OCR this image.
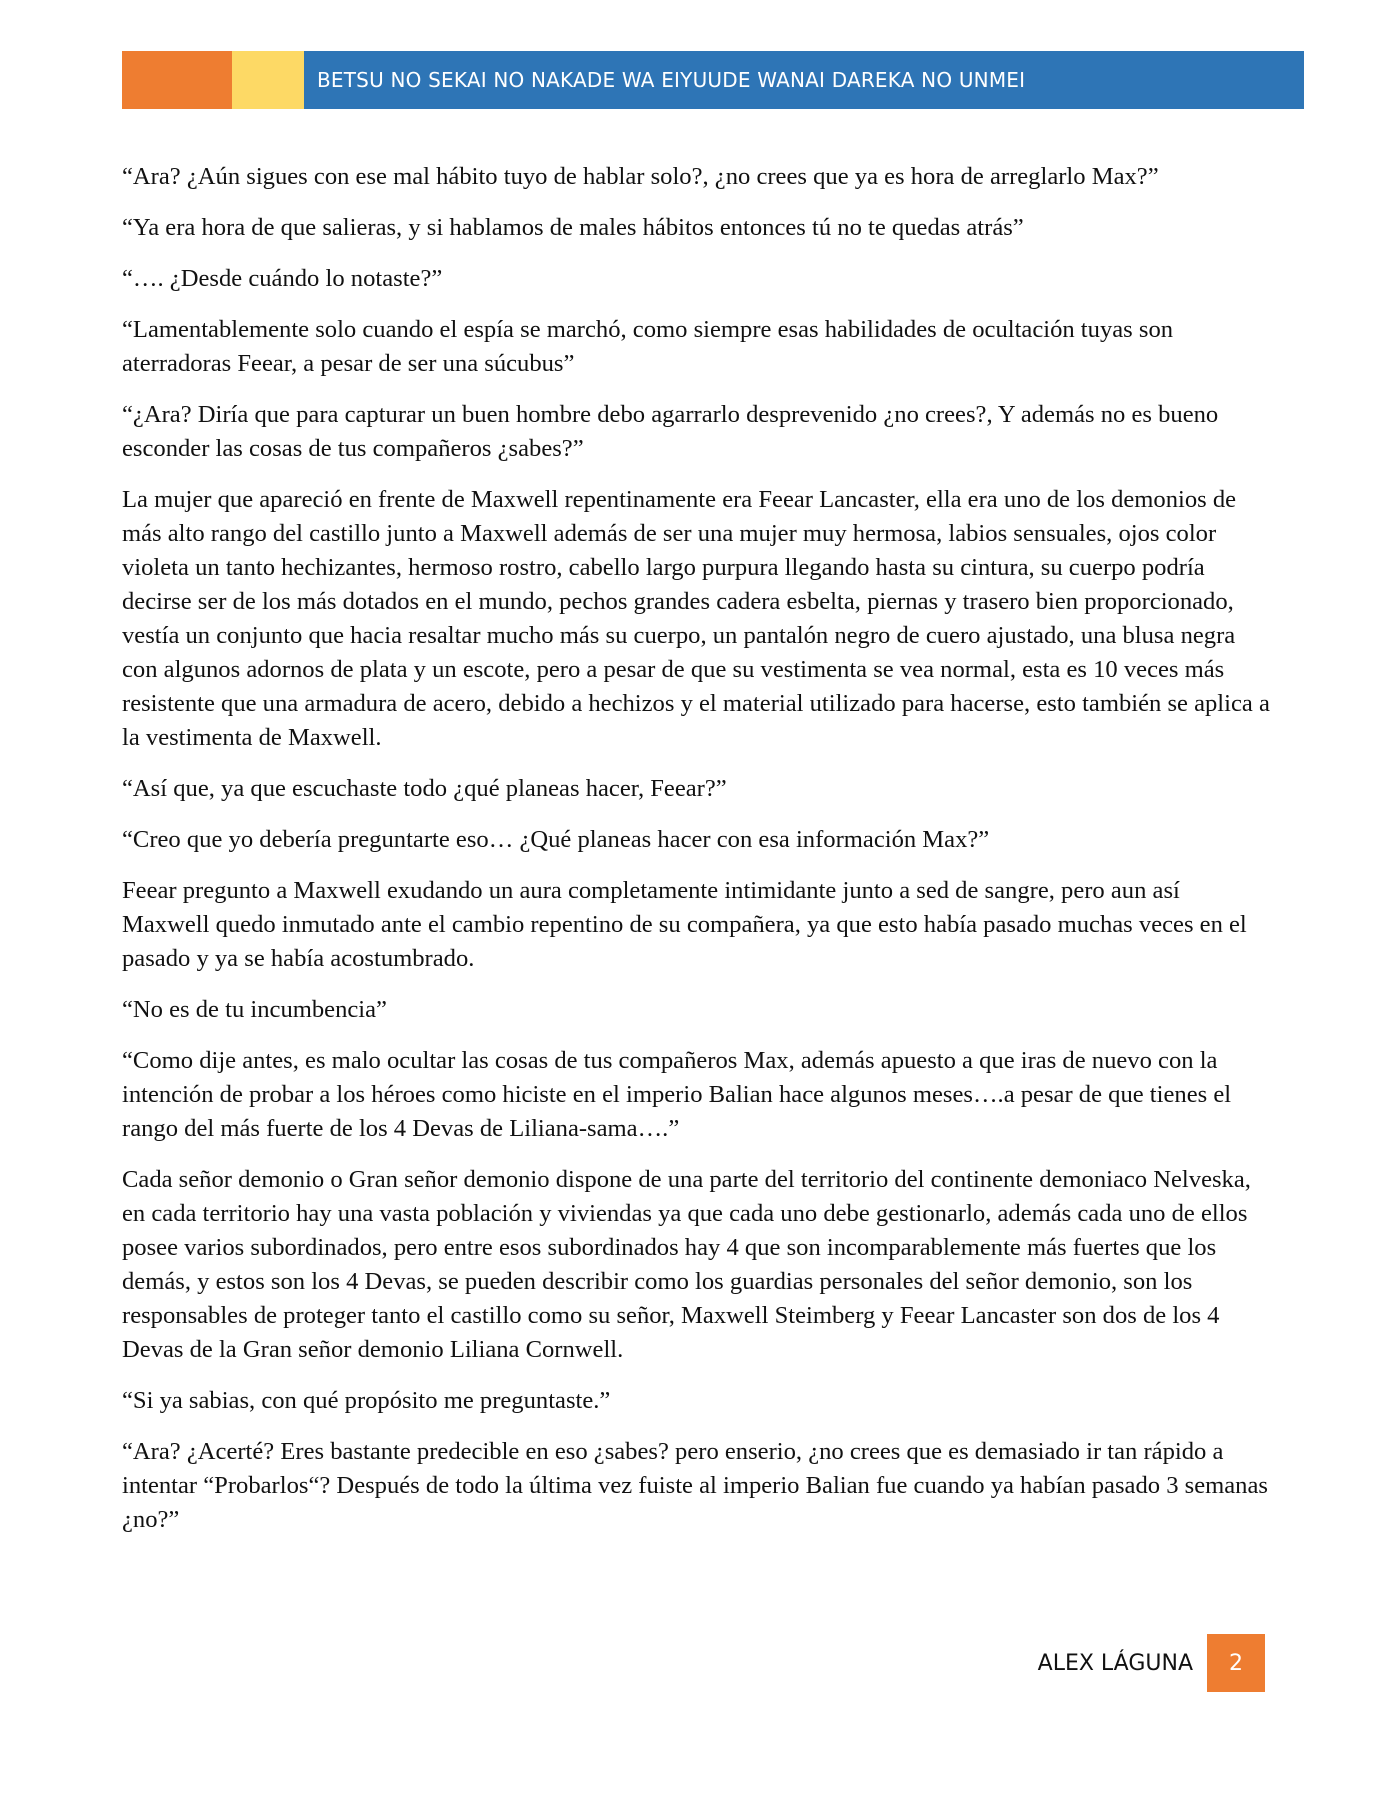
BETSU NO SEKAI NO NAKADE WA EIYUUDE WANAI DAREKA NO UNMEI

“Ara? ¿Aún sigues con ese mal hábito tuyo de hablar solo?, ¿no crees que ya es hora de arreglarlo Max?”

“Ya era hora de que salieras, y si hablamos de males hábitos entonces tú no te quedas atrás”

“…. ¿Desde cuándo lo notaste?”

“Lamentablemente solo cuando el espía se marchó, como siempre esas habilidades de ocultación tuyas son aterradoras Feear, a pesar de ser una súcubus”

“¿Ara? Diría que para capturar un buen hombre debo agarrarlo desprevenido ¿no crees?, Y además no es bueno esconder las cosas de tus compañeros ¿sabes?”

La mujer que apareció en frente de Maxwell repentinamente era Feear Lancaster, ella era uno de los demonios de más alto rango del castillo junto a Maxwell además de ser una mujer muy hermosa, labios sensuales, ojos color violeta un tanto hechizantes, hermoso rostro, cabello largo purpura llegando hasta su cintura, su cuerpo podría decirse ser de los más dotados en el mundo, pechos grandes cadera esbelta, piernas y trasero bien proporcionado, vestía un conjunto que hacia resaltar mucho más su cuerpo, un pantalón negro de cuero ajustado, una blusa negra con algunos adornos de plata y un escote, pero a pesar de que su vestimenta se vea normal, esta es 10 veces más resistente que una armadura de acero, debido a hechizos y el material utilizado para hacerse, esto también se aplica a la vestimenta de Maxwell.

“Así que, ya que escuchaste todo ¿qué planeas hacer, Feear?”

“Creo que yo debería preguntarte eso… ¿Qué planeas hacer con esa información Max?”

Feear pregunto a Maxwell exudando un aura completamente intimidante junto a sed de sangre, pero aun así Maxwell quedo inmutado ante el cambio repentino de su compañera, ya que esto había pasado muchas veces en el pasado y ya se había acostumbrado.

“No es de tu incumbencia”

“Como dije antes, es malo ocultar las cosas de tus compañeros Max, además apuesto a que iras de nuevo con la intención de probar a los héroes como hiciste en el imperio Balian hace algunos meses….a pesar de que tienes el rango del más fuerte de los 4 Devas de Liliana-sama….”

Cada señor demonio o Gran señor demonio dispone de una parte del territorio del continente demoniaco Nelveska, en cada territorio hay una vasta población y viviendas ya que cada uno debe gestionarlo, además cada uno de ellos posee varios subordinados, pero entre esos subordinados hay 4 que son incomparablemente más fuertes que los demás, y estos son los 4 Devas, se pueden describir como los guardias personales del señor demonio, son los responsables de proteger tanto el castillo como su señor, Maxwell Steimberg y Feear Lancaster son dos de los 4 Devas de la Gran señor demonio Liliana Cornwell.

“Si ya sabias, con qué propósito me preguntaste.”

“Ara? ¿Acerté? Eres bastante predecible en eso ¿sabes? pero enserio, ¿no crees que es demasiado ir tan rápido a intentar “Probarlos“? Después de todo la última vez fuiste al imperio Balian fue cuando ya habían pasado 3 semanas ¿no?”

ALEX LÁGUNA	2
